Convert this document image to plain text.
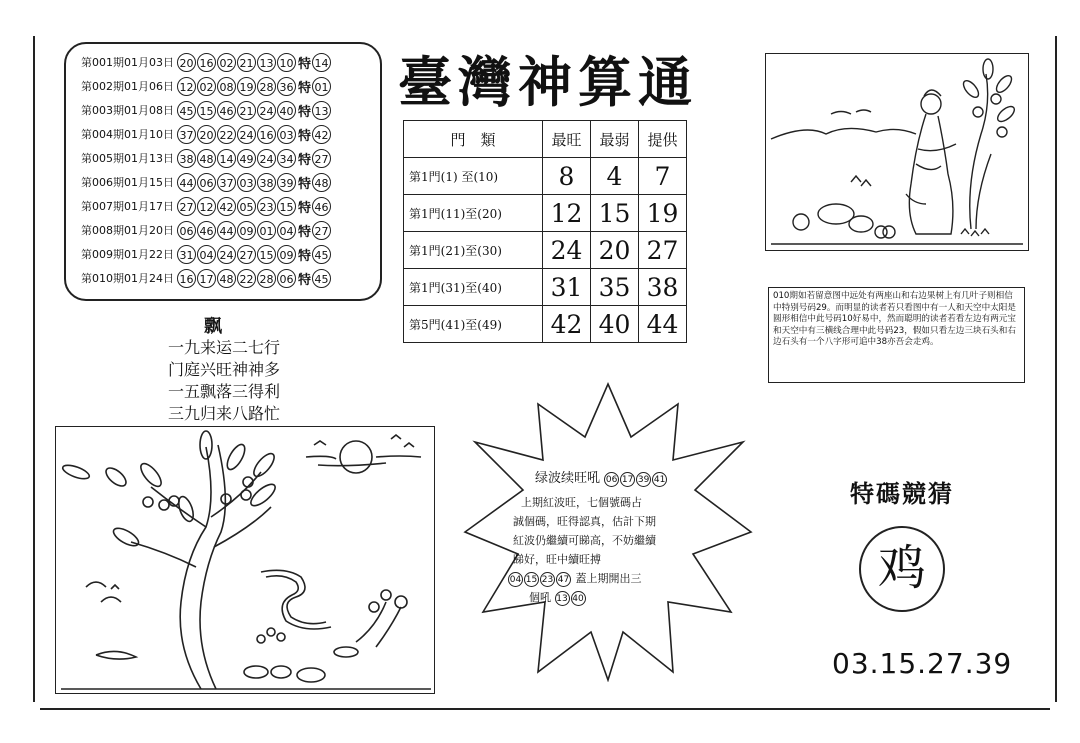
第001期01月03日 20 16 02 21 13 10 特 14
第002期01月06日 12 02 08 19 28 36 特 01
第003期01月08日 45 15 46 21 24 40 特 13
第004期01月10日 37 20 22 24 16 03 特 42
第005期01月13日 38 48 14 49 24 34 特 27
第006期01月15日 44 06 37 03 38 39 特 48
第007期01月17日 27 12 42 05 23 15 特 46
第008期01月20日 06 46 44 09 01 04 特 27
第009期01月22日 31 04 24 27 15 09 特 45
第010期01月24日 16 17 48 22 28 06 特 45
臺灣神算通
門　類	最旺	最弱	提供
第1門(1) 至(10)	8	4	7
第1門(11)至(20)	12	15	19
第1門(21)至(30)	24	20	27
第1門(31)至(40)	31	35	38
第5門(41)至(49)	42	40	44
飘
一九来运二七行
门庭兴旺神神多
一五飘落三得利
三九归来八路忙
010期如若留意图中远处有两座山和右边果树上有几叶子则相信中特别号码29。而明显的读者若只看图中有一人和天空中太阳是圆形相信中此号码10好易中，然而聪明的读者若看左边有两元宝和天空中有三横线合理中此号码23，假如只看左边三块石头和右边石头有一个八字形可追中38亦吾会走鸡。
绿波续旺吼 06 17 39 41
上期紅波旺，七個號碼占
誠個碼，旺得認真，估計下期
紅波仍繼續可睇高，不妨繼續
睇好，旺中續旺搏
04 15 23 47 蓋上期開出三
個吼 13 40
特碼競猜
鸡
03.15.27.39
